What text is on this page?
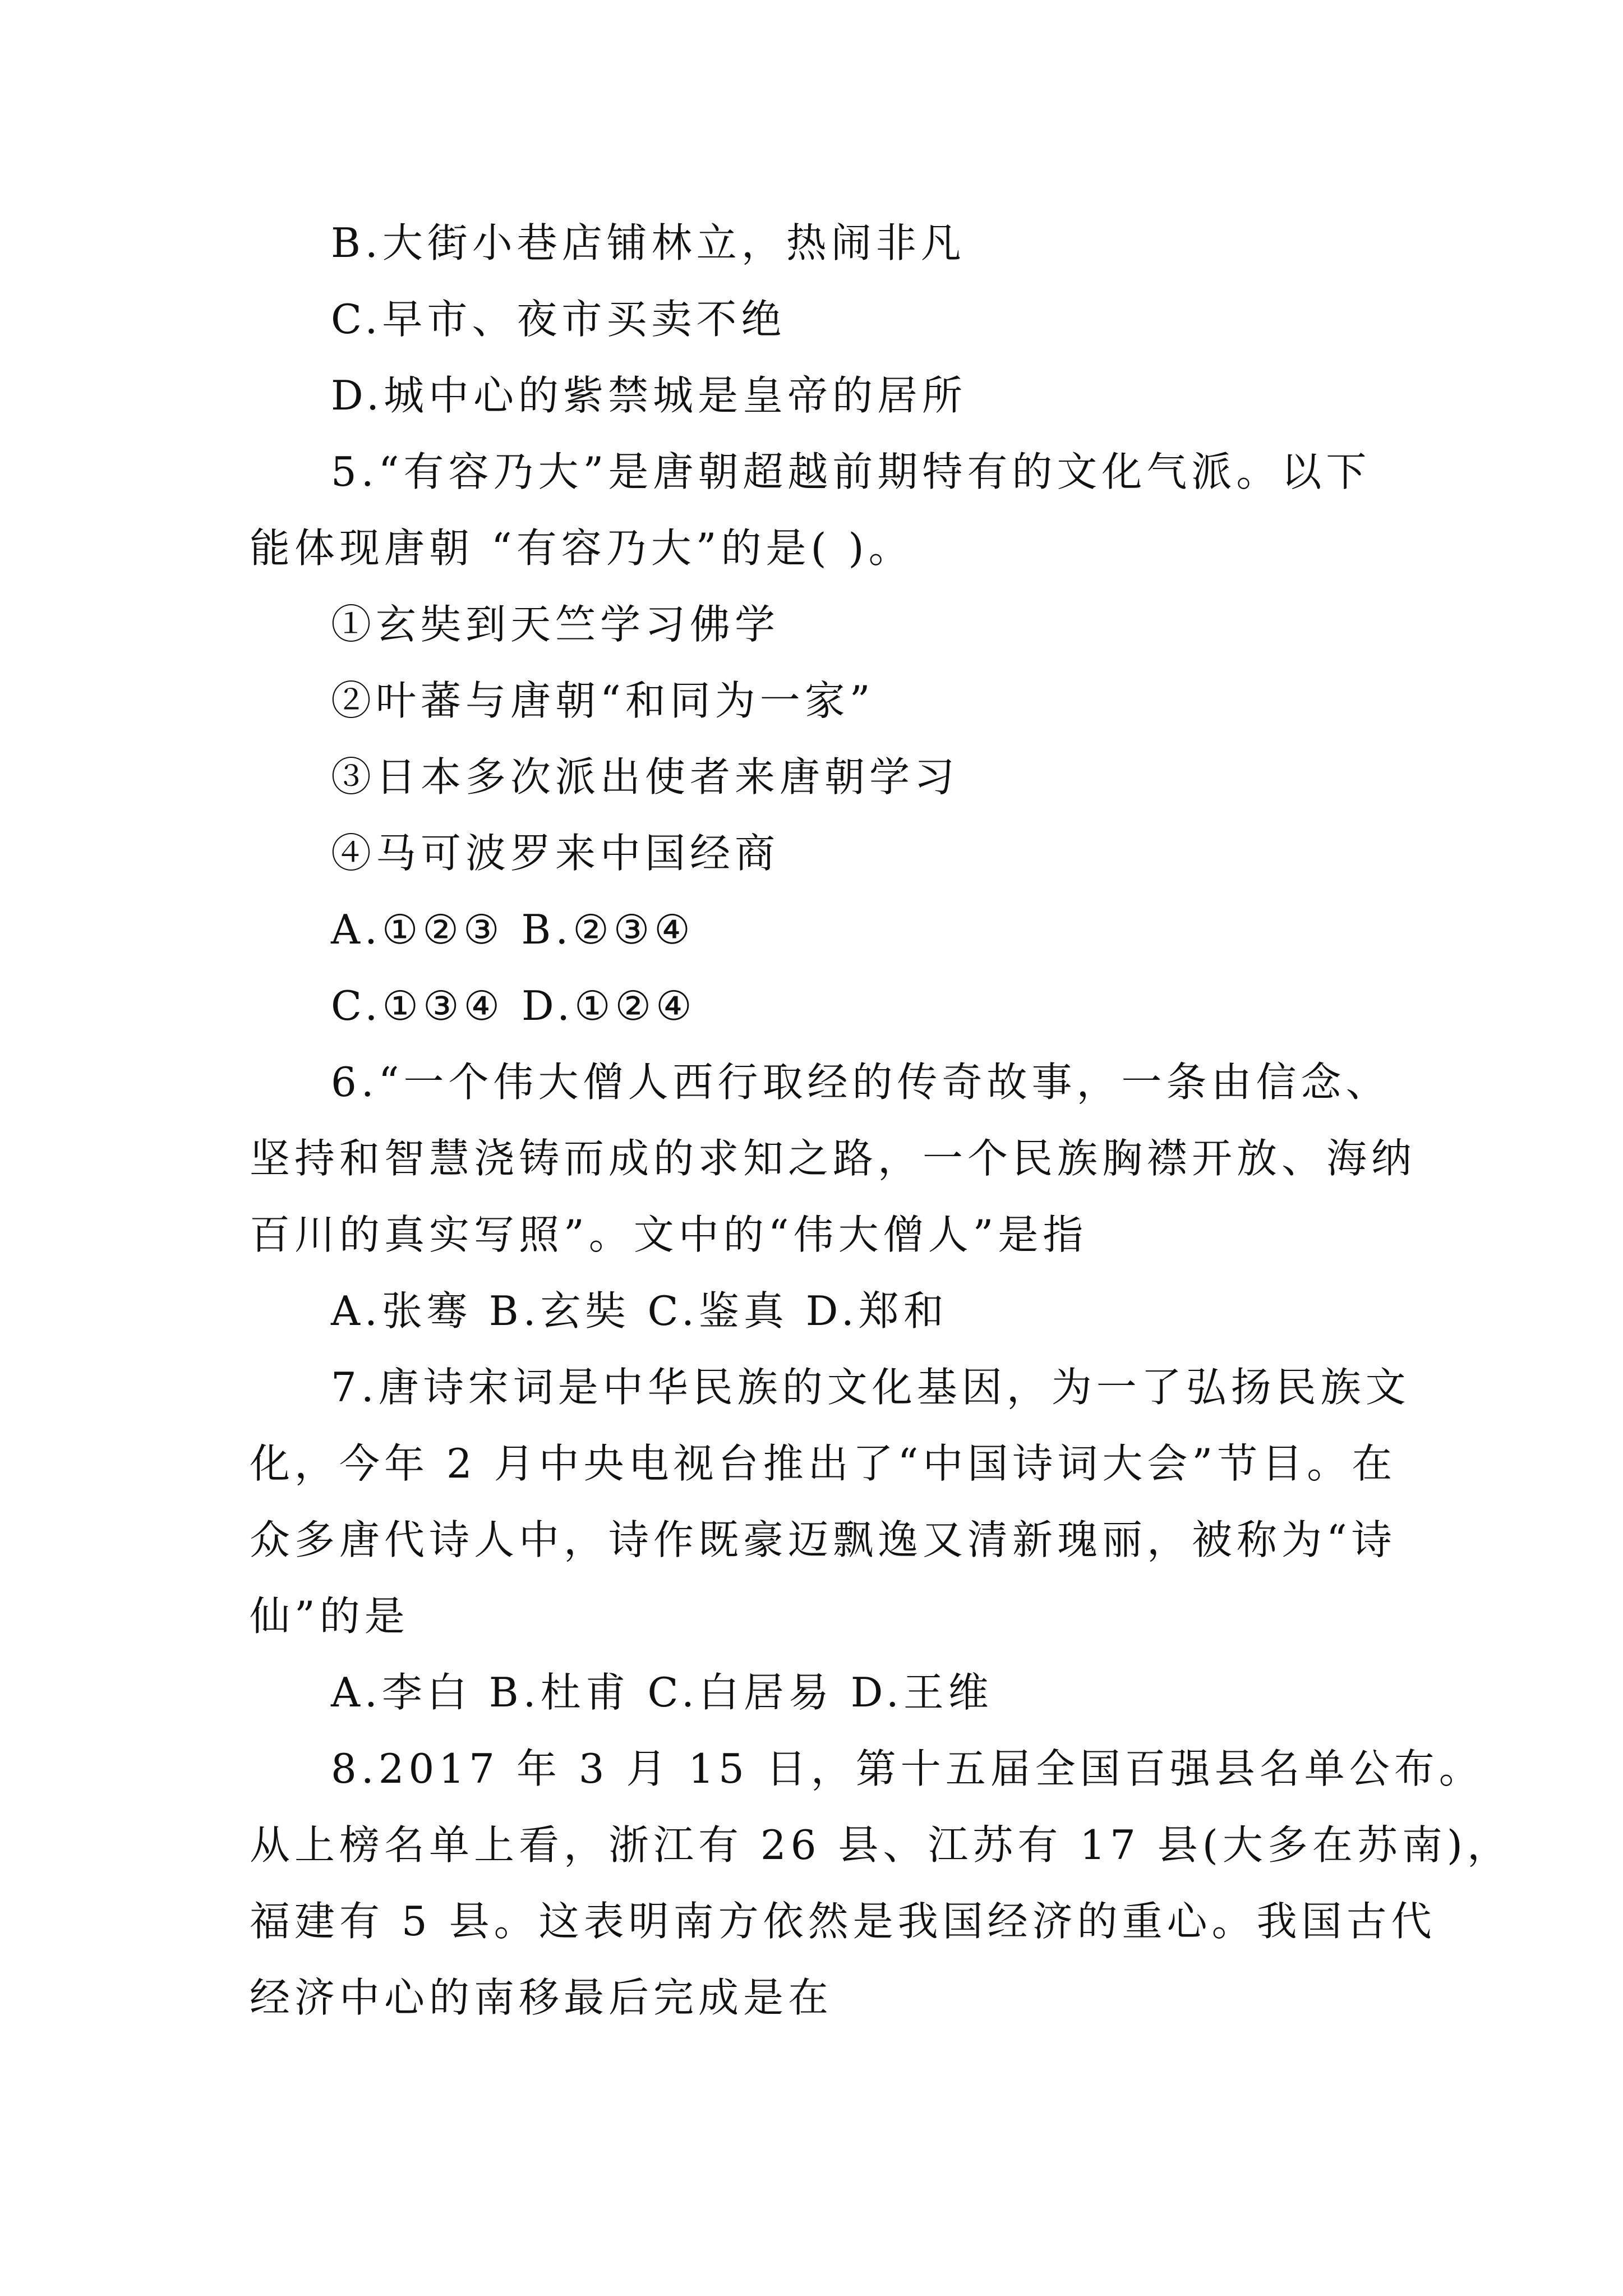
B.大街小巷店铺林立，热闹非凡
C.早市、夜市买卖不绝
D.城中心的紫禁城是皇帝的居所
5.“有容乃大”是唐朝超越前期特有的文化气派。以下
能体现唐朝 “有容乃大”的是( )。
①玄奘到天竺学习佛学
②叶蕃与唐朝“和同为一家”
③日本多次派出使者来唐朝学习
④马可波罗来中国经商
A.①②③ B.②③④
C.①③④ D.①②④
6.“一个伟大僧人西行取经的传奇故事，一条由信念、
坚持和智慧浇铸而成的求知之路，一个民族胸襟开放、海纳
百川的真实写照”。文中的“伟大僧人”是指
A.张骞 B.玄奘 C.鉴真 D.郑和
7.唐诗宋词是中华民族的文化基因，为一了弘扬民族文
化，今年 2 月中央电视台推出了“中国诗词大会”节目。在
众多唐代诗人中，诗作既豪迈飘逸又清新瑰丽，被称为“诗
仙”的是
A.李白 B.杜甫 C.白居易 D.王维
8.2017 年 3 月 15 日，第十五届全国百强县名单公布。
从上榜名单上看，浙江有 26 县、江苏有 17 县(大多在苏南)，
福建有 5 县。这表明南方依然是我国经济的重心。我国古代
经济中心的南移最后完成是在
